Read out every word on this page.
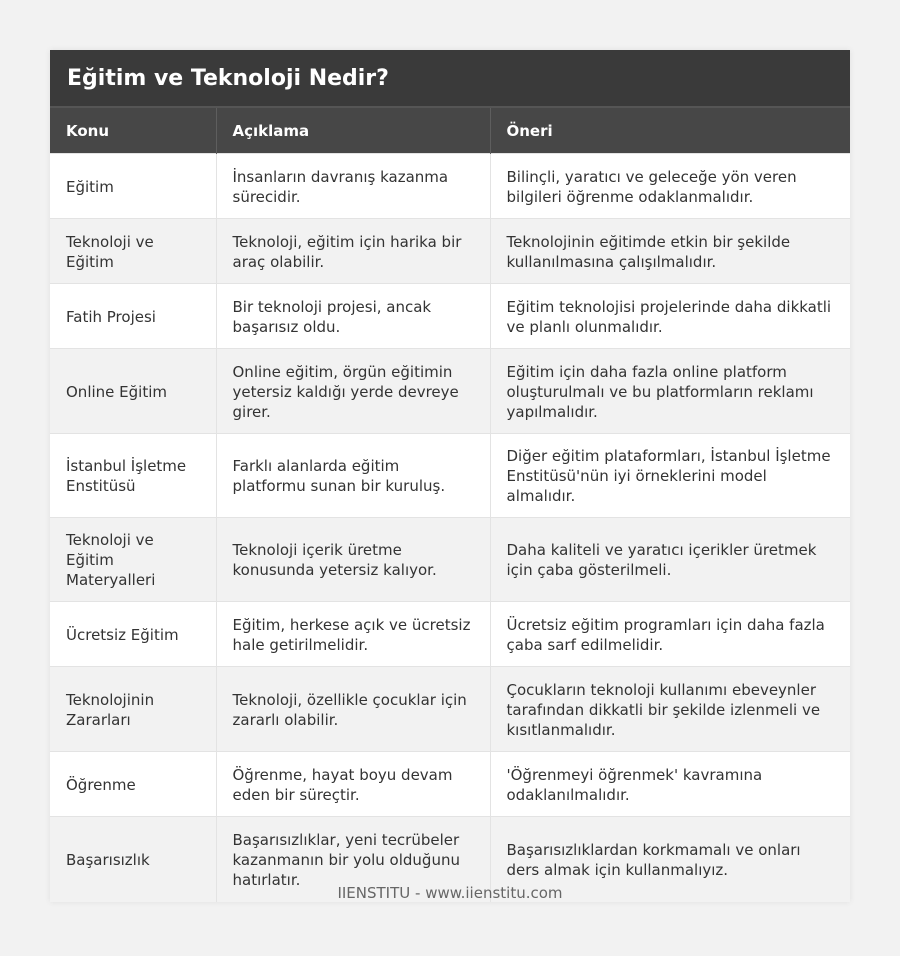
Eğitim ve Teknoloji Nedir?
Konu	Açıklama	Öneri
Eğitim	İnsanların davranış kazanma sürecidir.	Bilinçli, yaratıcı ve geleceğe yön veren bilgileri öğrenme odaklanmalıdır.
Teknoloji ve Eğitim	Teknoloji, eğitim için harika bir araç olabilir.	Teknolojinin eğitimde etkin bir şekilde kullanılmasına çalışılmalıdır.
Fatih Projesi	Bir teknoloji projesi, ancak başarısız oldu.	Eğitim teknolojisi projelerinde daha dikkatli ve planlı olunmalıdır.
Online Eğitim	Online eğitim, örgün eğitimin yetersiz kaldığı yerde devreye girer.	Eğitim için daha fazla online platform oluşturulmalı ve bu platformların reklamı yapılmalıdır.
İstanbul İşletme Enstitüsü	Farklı alanlarda eğitim platformu sunan bir kuruluş.	Diğer eğitim plataformları, İstanbul İşletme Enstitüsü'nün iyi örneklerini model almalıdır.
Teknoloji ve Eğitim Materyalleri	Teknoloji içerik üretme konusunda yetersiz kalıyor.	Daha kaliteli ve yaratıcı içerikler üretmek için çaba gösterilmeli.
Ücretsiz Eğitim	Eğitim, herkese açık ve ücretsiz hale getirilmelidir.	Ücretsiz eğitim programları için daha fazla çaba sarf edilmelidir.
Teknolojinin Zararları	Teknoloji, özellikle çocuklar için zararlı olabilir.	Çocukların teknoloji kullanımı ebeveynler tarafından dikkatli bir şekilde izlenmeli ve kısıtlanmalıdır.
Öğrenme	Öğrenme, hayat boyu devam eden bir süreçtir.	'Öğrenmeyi öğrenmek' kavramına odaklanılmalıdır.
Başarısızlık	Başarısızlıklar, yeni tecrübeler kazanmanın bir yolu olduğunu hatırlatır.	Başarısızlıklardan korkmamalı ve onları ders almak için kullanmalıyız.
IIENSTITU - www.iienstitu.com
